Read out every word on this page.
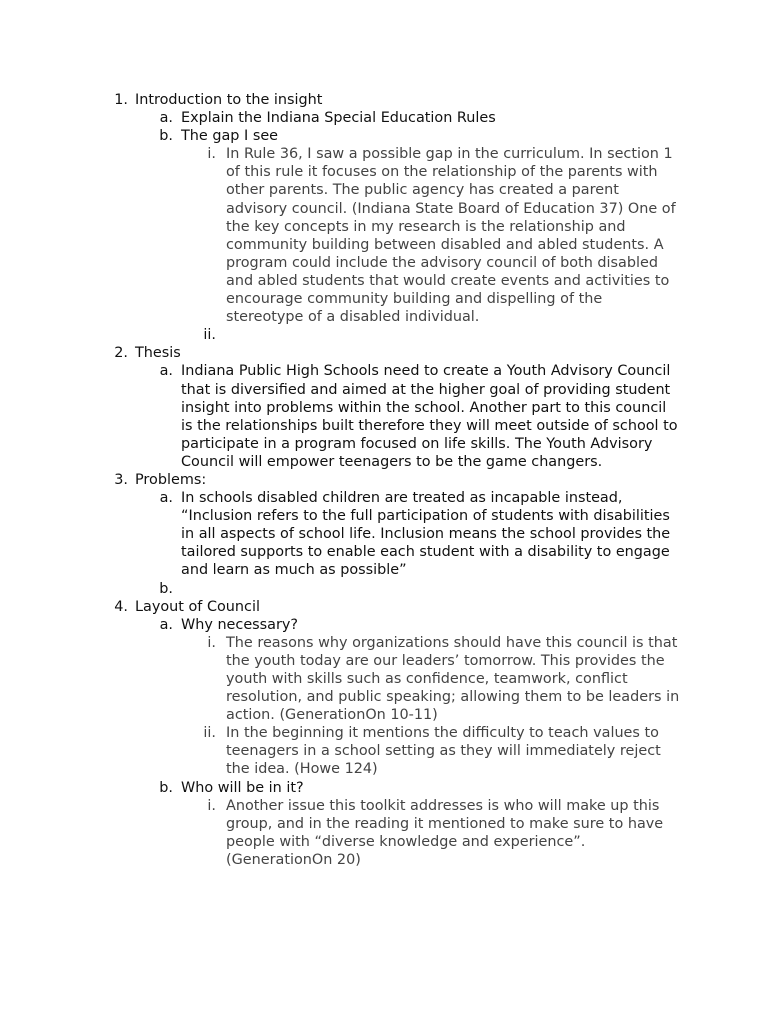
1. Introduction to the insight
a. Explain the Indiana Special Education Rules
b. The gap I see
i. In Rule 36, I saw a possible gap in the curriculum. In section 1 of this rule it focuses on the relationship of the parents with other parents. The public agency has created a parent advisory council. (Indiana State Board of Education 37) One of the key concepts in my research is the relationship and community building between disabled and abled students. A program could include the advisory council of both disabled and abled students that would create events and activities to encourage community building and dispelling of the stereotype of a disabled individual.
ii.

2. Thesis
a. Indiana Public High Schools need to create a Youth Advisory Council that is diversified and aimed at the higher goal of providing student insight into problems within the school. Another part to this council is the relationships built therefore they will meet outside of school to participate in a program focused on life skills. The Youth Advisory Council will empower teenagers to be the game changers.
3. Problems:
a. In schools disabled children are treated as incapable instead, “Inclusion refers to the full participation of students with disabilities in all aspects of school life. Inclusion means the school provides the tailored supports to enable each student with a disability to engage and learn as much as possible”
b.

4. Layout of Council
a. Why necessary?
i. The reasons why organizations should have this council is that the youth today are our leaders’ tomorrow. This provides the youth with skills such as confidence, teamwork, conflict resolution, and public speaking; allowing them to be leaders in action. (GenerationOn 10-11)
ii. In the beginning it mentions the difficulty to teach values to teenagers in a school setting as they will immediately reject the idea. (Howe 124)
b. Who will be in it?
i. Another issue this toolkit addresses is who will make up this group, and in the reading it mentioned to make sure to have people with “diverse knowledge and experience”. (GenerationOn 20)
